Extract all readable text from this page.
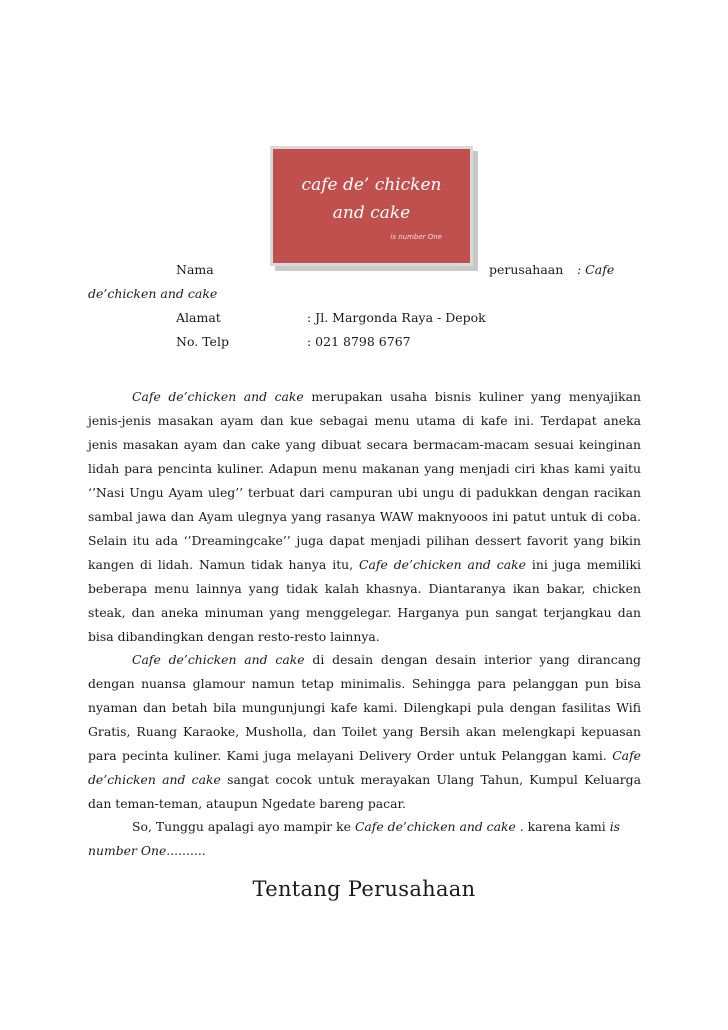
cafe de’ chicken
and cake
is number One
Nama	perusahaan : Cafe
de’chicken and cake
Alamat	: Jl. Margonda Raya - Depok
No. Telp	: 021 8798 6767

Cafe de’chicken and cake merupakan usaha bisnis kuliner yang menyajikan jenis-jenis masakan ayam dan kue sebagai menu utama di kafe ini. Terdapat aneka jenis masakan ayam dan cake yang dibuat secara bermacam-macam sesuai keinginan lidah para pencinta kuliner. Adapun menu makanan yang menjadi ciri khas kami yaitu ‘’Nasi Ungu Ayam uleg’’ terbuat dari campuran ubi ungu di padukkan dengan racikan sambal jawa dan Ayam ulegnya yang rasanya WAW maknyooos ini patut untuk di coba. Selain itu ada ‘’Dreamingcake’’ juga dapat menjadi pilihan dessert favorit yang bikin kangen di lidah. Namun tidak hanya itu, Cafe de’chicken and cake ini juga memiliki beberapa menu lainnya yang tidak kalah khasnya. Diantaranya ikan bakar, chicken steak, dan aneka minuman yang menggelegar. Harganya pun sangat terjangkau dan bisa dibandingkan dengan resto-resto lainnya.

Cafe de’chicken and cake di desain dengan desain interior yang dirancang dengan nuansa glamour namun tetap minimalis. Sehingga para pelanggan pun bisa nyaman dan betah bila mungunjungi kafe kami. Dilengkapi pula dengan fasilitas Wifi Gratis, Ruang Karaoke, Musholla, dan Toilet yang Bersih akan melengkapi kepuasan para pecinta kuliner. Kami juga melayani Delivery Order untuk Pelanggan kami. Cafe de’chicken and cake sangat cocok untuk merayakan Ulang Tahun, Kumpul Keluarga dan teman-teman, ataupun Ngedate bareng pacar.

So, Tunggu apalagi ayo mampir ke Cafe de’chicken and cake . karena kami is number One..........

Tentang Perusahaan
